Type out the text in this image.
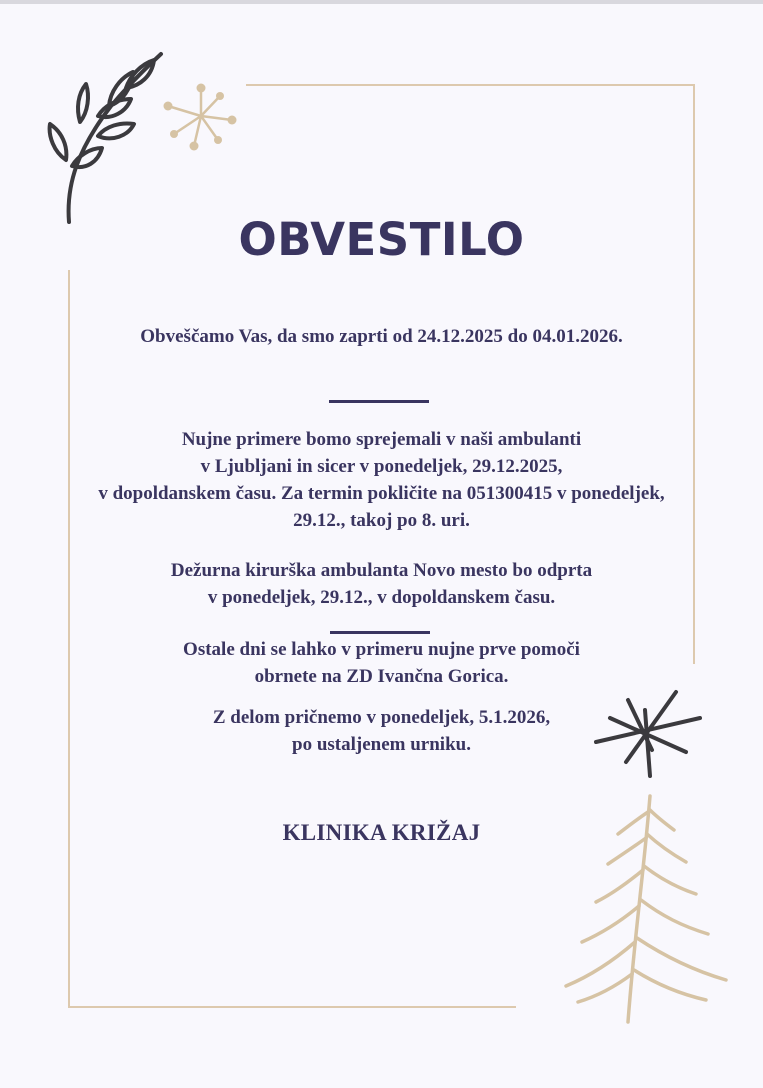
OBVESTILO

Obveščamo Vas, da smo zaprti od 24.12.2025 do 04.01.2026.

Nujne primere bomo sprejemali v naši ambulanti
v Ljubljani in sicer v ponedeljek, 29.12.2025,
v dopoldanskem času. Za termin pokličite na 051300415 v ponedeljek,
29.12., takoj po 8. uri.

Dežurna kirurška ambulanta Novo mesto bo odprta
v ponedeljek, 29.12., v dopoldanskem času.

Ostale dni se lahko v primeru nujne prve pomoči
obrnete na ZD Ivančna Gorica.

Z delom pričnemo v ponedeljek, 5.1.2026,
po ustaljenem urniku.

KLINIKA KRIŽAJ
